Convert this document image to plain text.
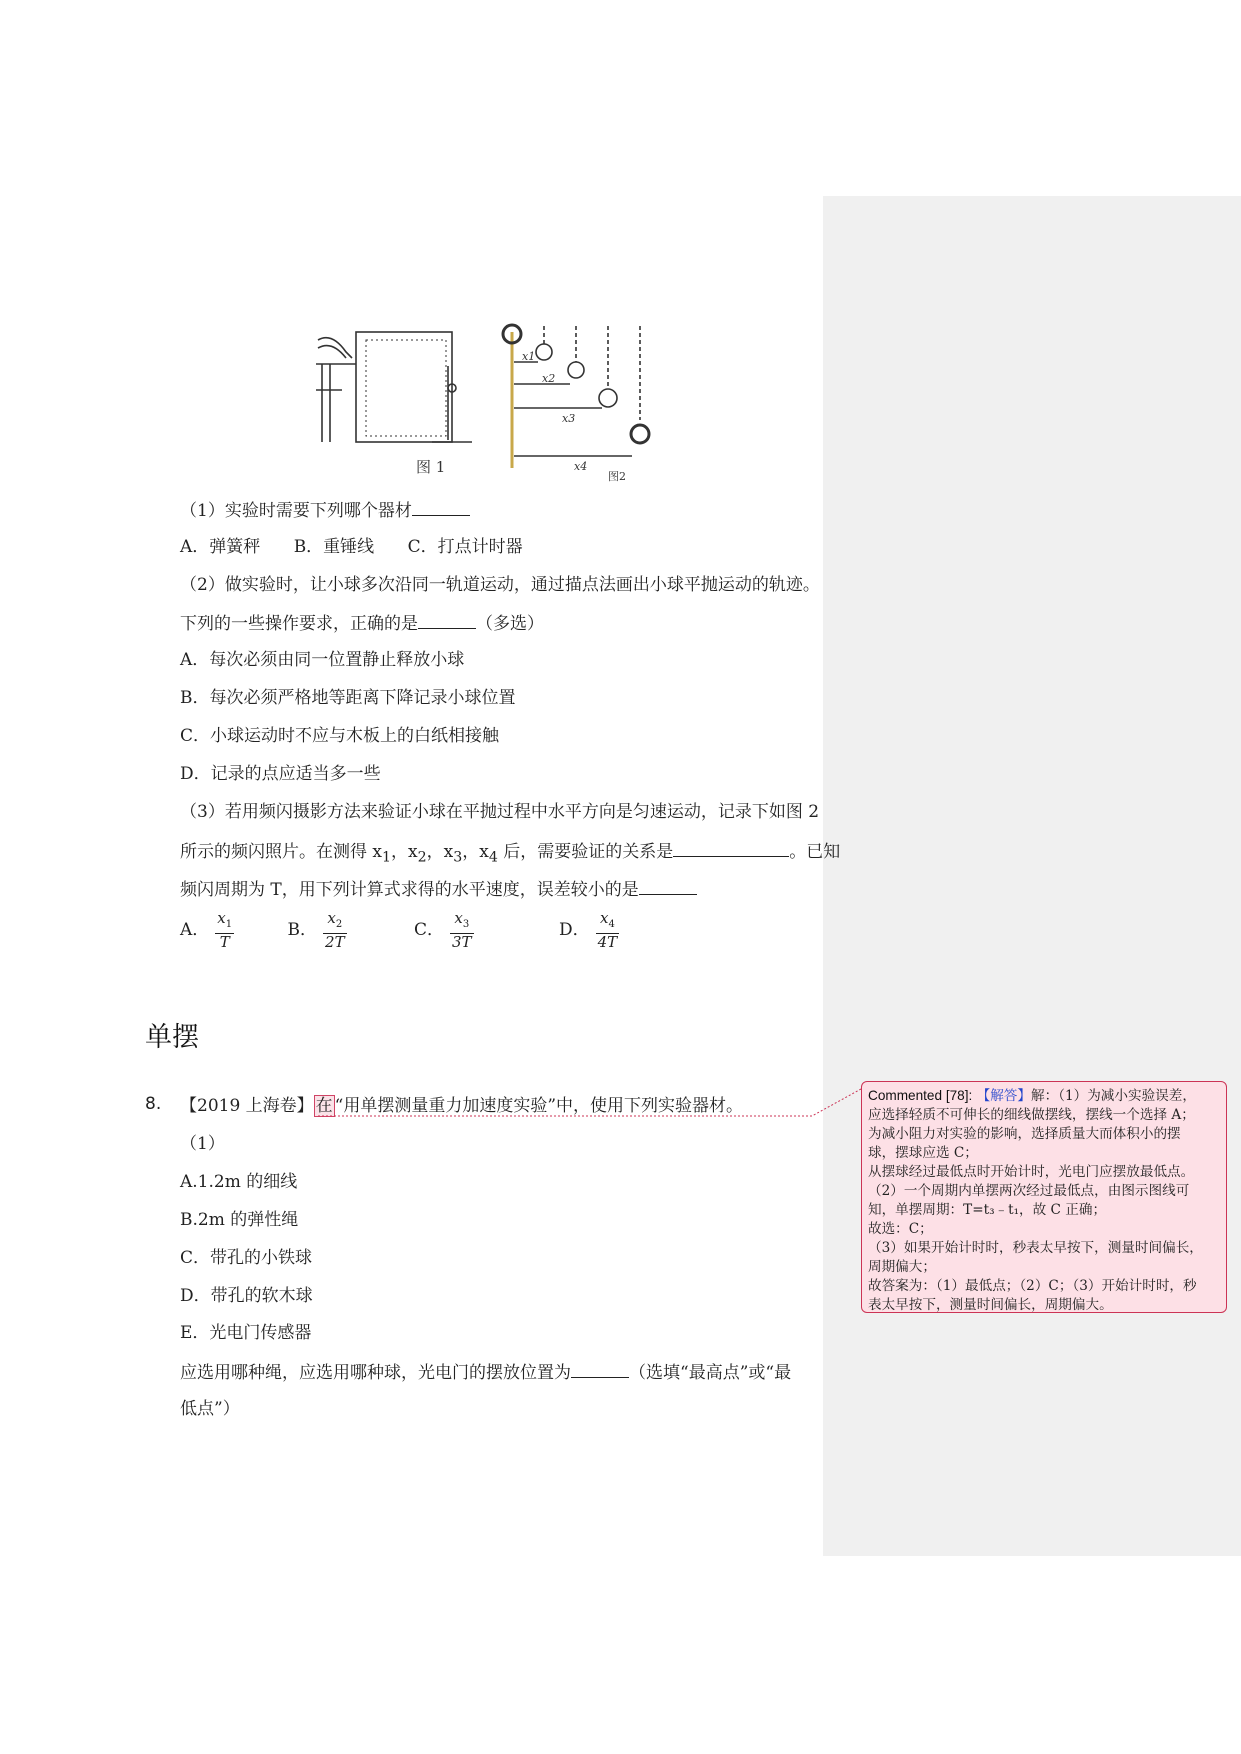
图 1
x1
x2
x3
x4
图2
（1）实验时需要下列哪个器材
A．弹簧秤 B．重锤线 C．打点计时器
（2）做实验时，让小球多次沿同一轨道运动，通过描点法画出小球平抛运动的轨迹。
下列的一些操作要求，正确的是	（多选）
A．每次必须由同一位置静止释放小球
B．每次必须严格地等距离下降记录小球位置
C．小球运动时不应与木板上的白纸相接触
D．记录的点应适当多一些
（3）若用频闪摄影方法来验证小球在平抛过程中水平方向是匀速运动，记录下如图 2
所示的频闪照片。在测得 $x_1$，$x_2$，$x_3$，$x_4$ 后，需要验证的关系是	。已知
频闪周期为 T，用下列计算式求得的水平速度，误差较小的是
A． $\frac{x_1}{T}$	B． $\frac{x_2}{2T}$	C． $\frac{x_3}{3T}$	D． $\frac{x_4}{4T}$
单摆
8. 【2019 上海卷】 在 “用单摆测量重力加速度实验”中，使用下列实验器材。
（1）
A.1.2m 的细线
B.2m 的弹性绳
C．带孔的小铁球
D．带孔的软木球
E．光电门传感器
应选用哪种绳，应选用哪种球，光电门的摆放位置为	（选填“最高点”或“最
低点”）
Commented [78]: 【解答】解：（1）为减小实验误差，
应选择轻质不可伸长的细线做摆线，摆线一个选择 A；
为减小阻力对实验的影响，选择质量大而体积小的摆
球，摆球应选 C；
从摆球经过最低点时开始计时，光电门应摆放最低点。
（2）一个周期内单摆两次经过最低点，由图示图线可
知，单摆周期：T=t₃﹣t₁，故 C 正确；
故选：C；
（3）如果开始计时时，秒表太早按下，测量时间偏长，
周期偏大；
故答案为：（1）最低点；（2）C；（3）开始计时时，秒
表太早按下，测量时间偏长，周期偏大。
